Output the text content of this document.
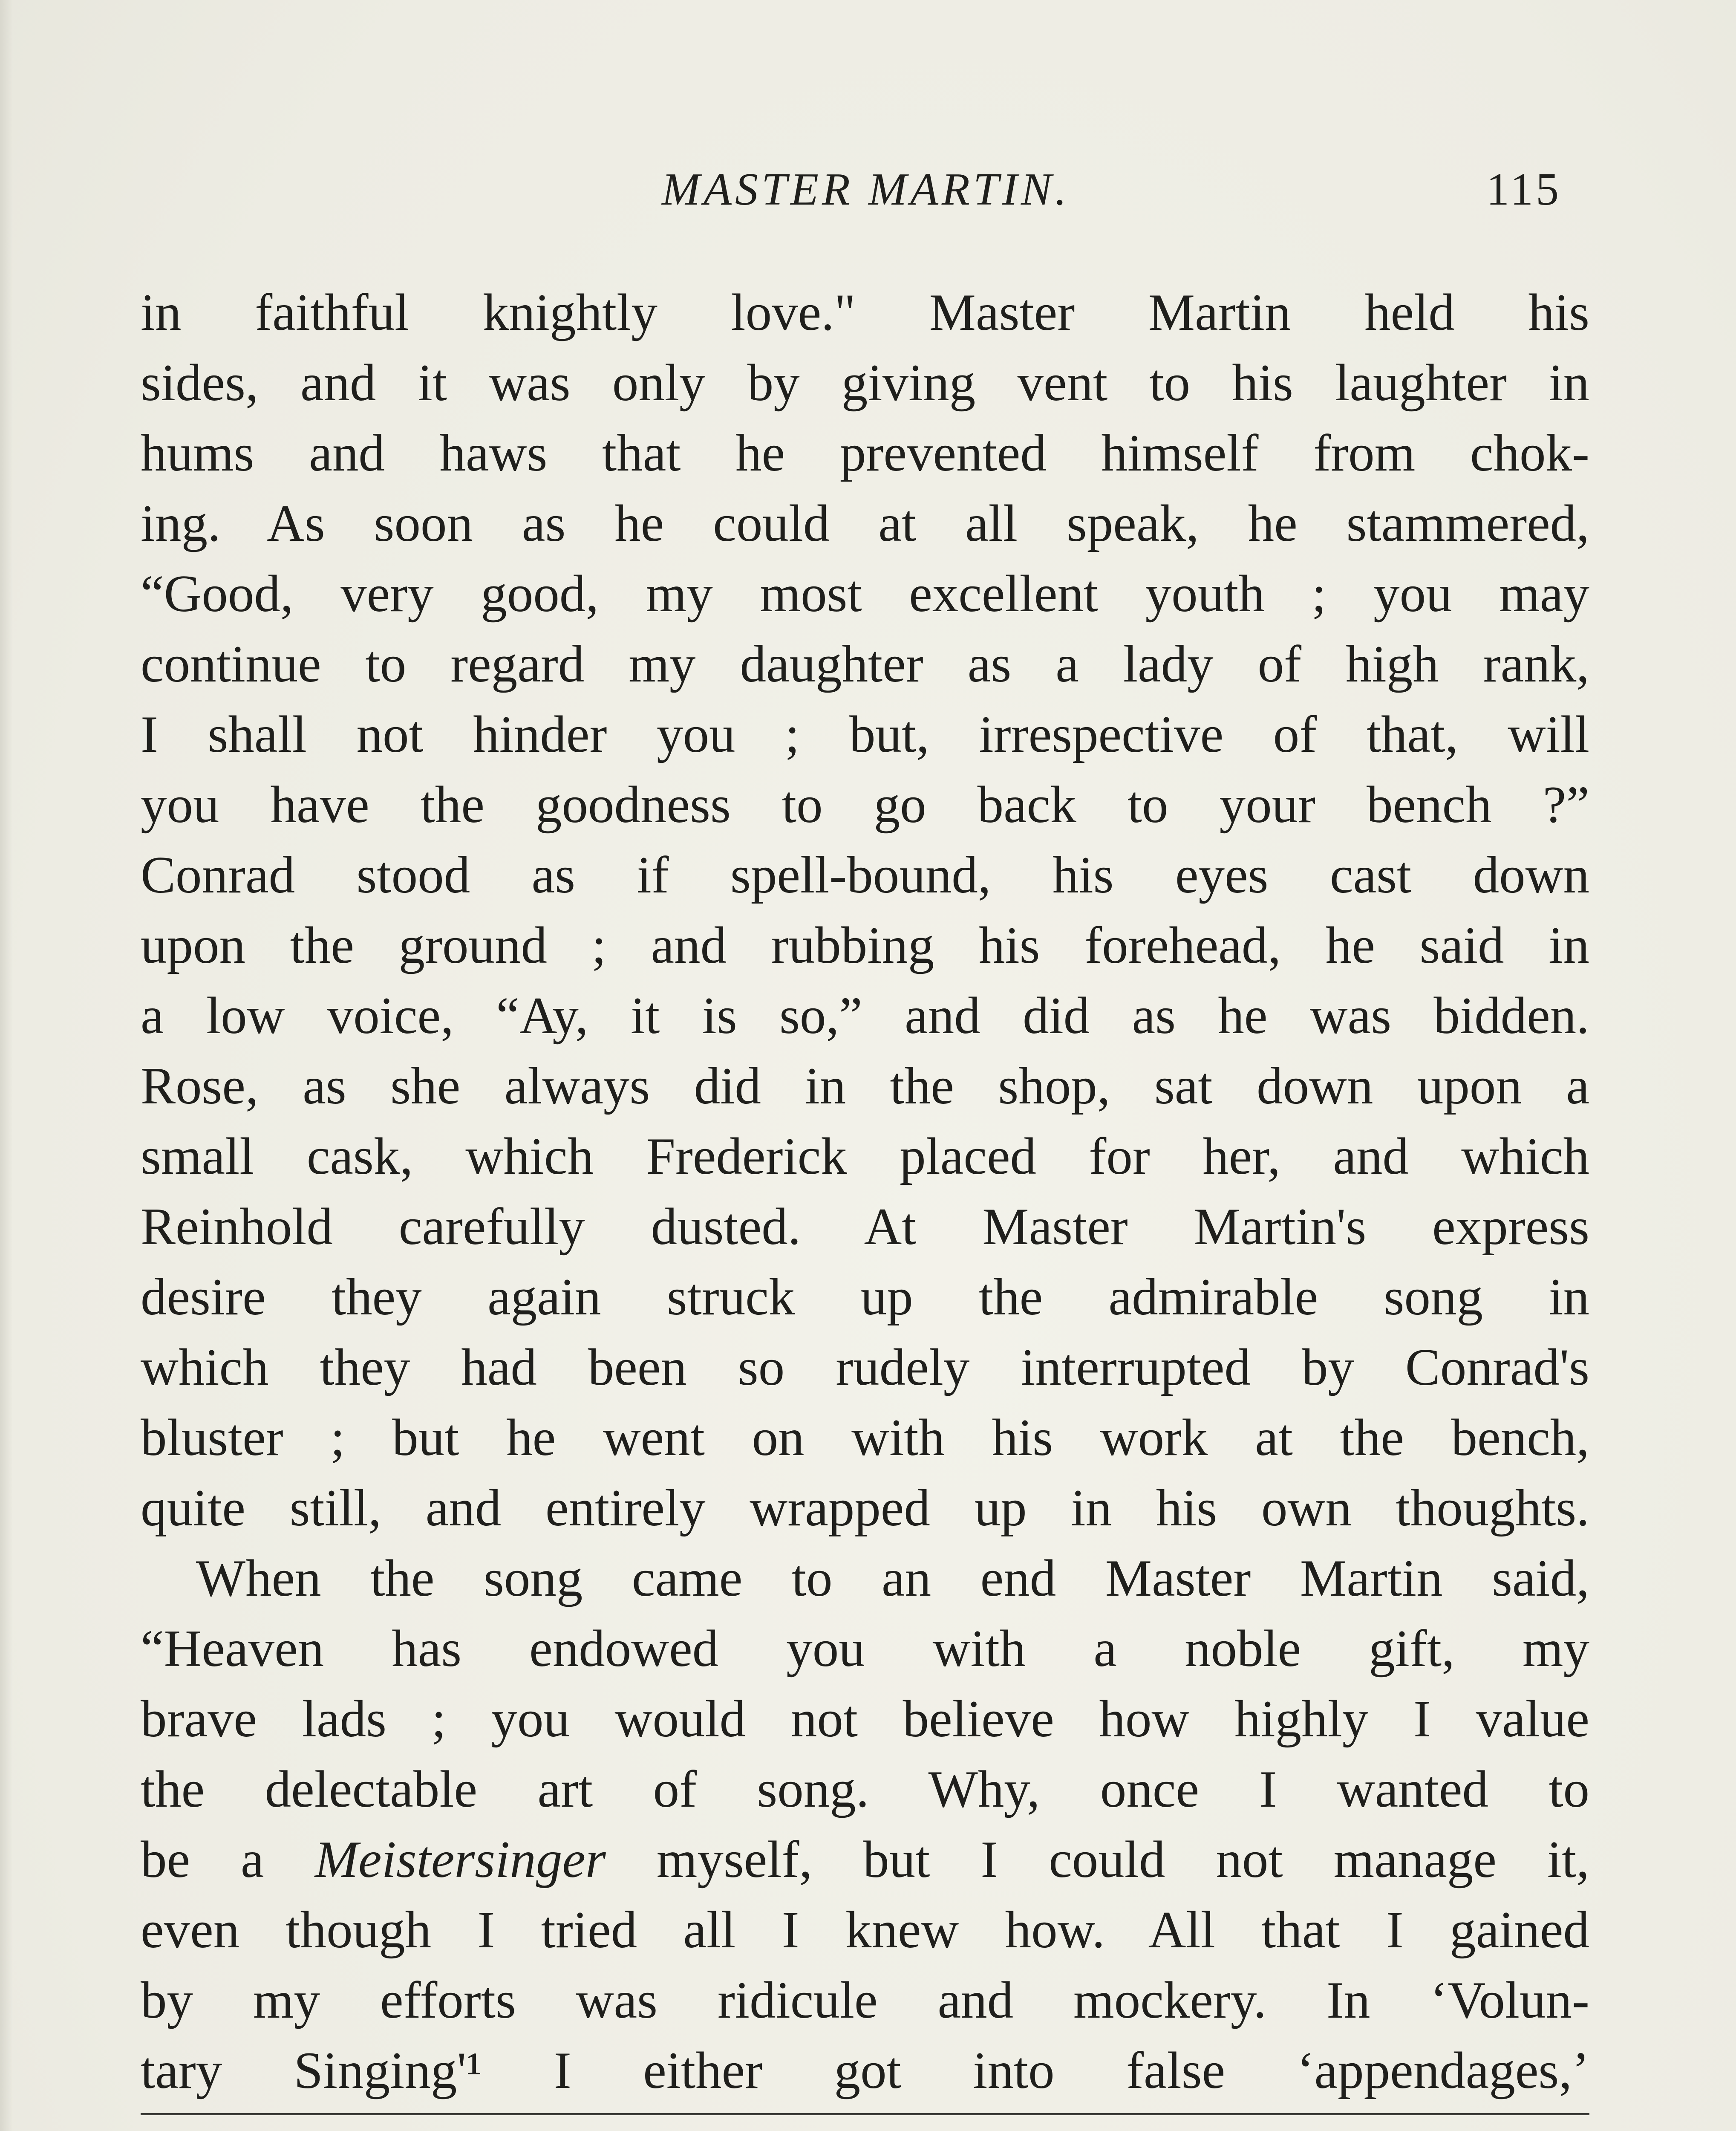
MASTER MARTIN.	115
in faithful knightly love." Master Martin held his
sides, and it was only by giving vent to his laughter in
hums and haws that he prevented himself from chok-
ing. As soon as he could at all speak, he stammered,
“Good, very good, my most excellent youth ; you may
continue to regard my daughter as a lady of high rank,
I shall not hinder you ; but, irrespective of that, will
you have the goodness to go back to your bench ?”
Conrad stood as if spell-bound, his eyes cast down
upon the ground ; and rubbing his forehead, he said in
a low voice, “Ay, it is so,” and did as he was bidden.
Rose, as she always did in the shop, sat down upon a
small cask, which Frederick placed for her, and which
Reinhold carefully dusted. At Master Martin's express
desire they again struck up the admirable song in
which they had been so rudely interrupted by Conrad's
bluster ; but he went on with his work at the bench,
quite still, and entirely wrapped up in his own thoughts.
When the song came to an end Master Martin said,
“Heaven has endowed you with a noble gift, my
brave lads ; you would not believe how highly I value
the delectable art of song. Why, once I wanted to
be a Meistersinger myself, but I could not manage it,
even though I tried all I knew how. All that I gained
by my efforts was ridicule and mockery. In ‘Volun-
tary Singing'¹ I either got into false ‘appendages,’
